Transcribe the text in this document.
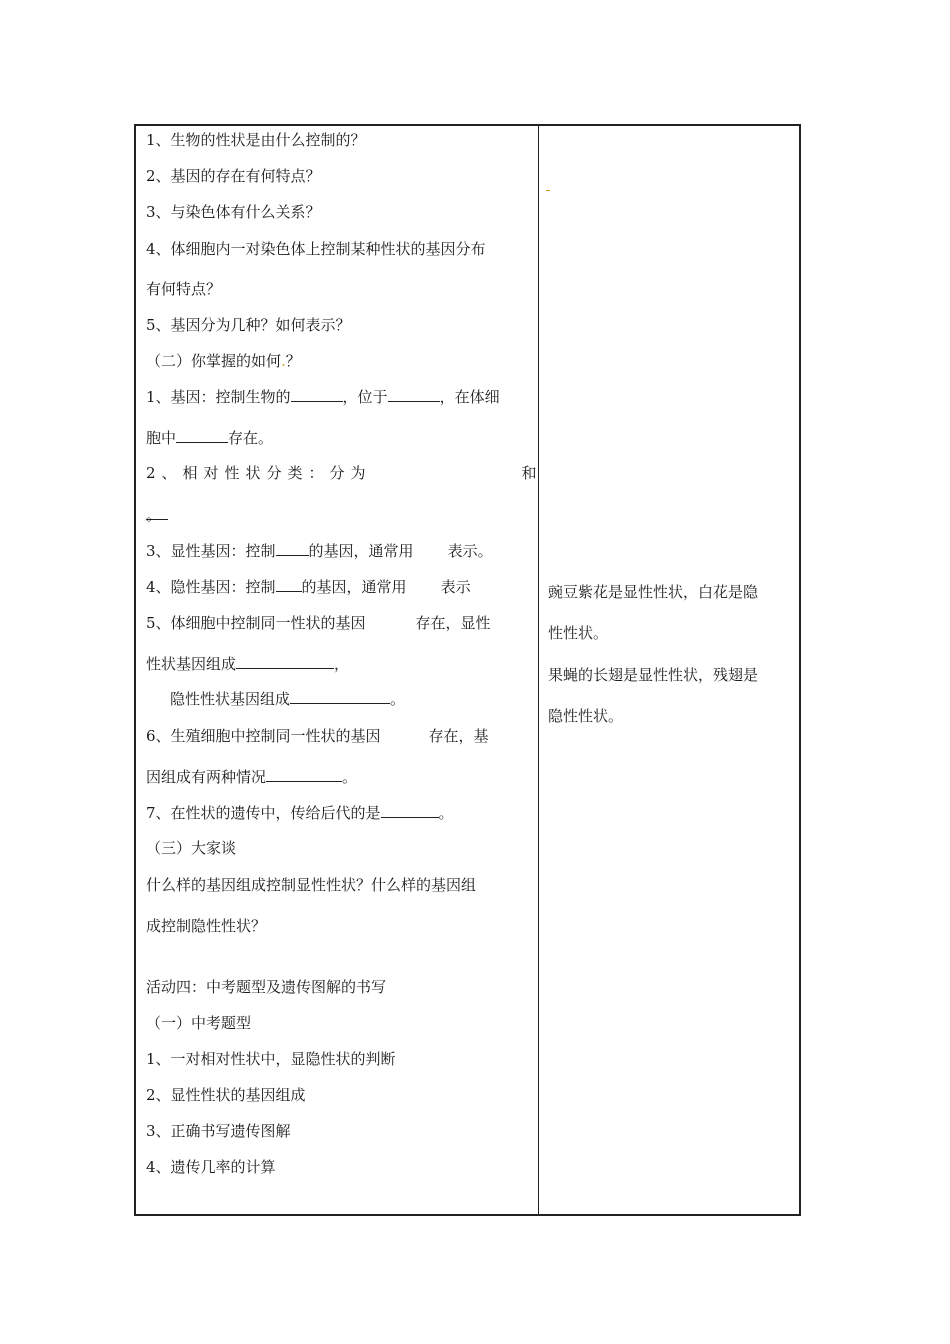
1、生物的性状是由什么控制的？
2、基因的存在有何特点？
3、与染色体有什么关系？
4、体细胞内一对染色体上控制某种性状的基因分布
有何特点？
5、基因分为几种？如何表示？
（二）你掌握的如何.？
1、基因：控制生物的	，位于	，在体细
胞中	存在。
2、相对性状分类：分为	和
。
3、显性基因：控制 的基因，通常用 表示。
4、隐性基因：控制 的基因，通常用 表示
5、体细胞中控制同一性状的基因	存在，显性
性状基因组成	，
隐性性状基因组成	。
6、生殖细胞中控制同一性状的基因	存在，基
因组成有两种情况	。
7、在性状的遗传中，传给后代的是	。
（三）大家谈
什么样的基因组成控制显性性状？什么样的基因组
成控制隐性性状？
活动四：中考题型及遗传图解的书写
（一）中考题型
1、一对相对性状中，显隐性状的判断
2、显性性状的基因组成
3、正确书写遗传图解
4、遗传几率的计算
豌豆紫花是显性性状，白花是隐
性性状。
果蝇的长翅是显性性状，残翅是
隐性性状。
